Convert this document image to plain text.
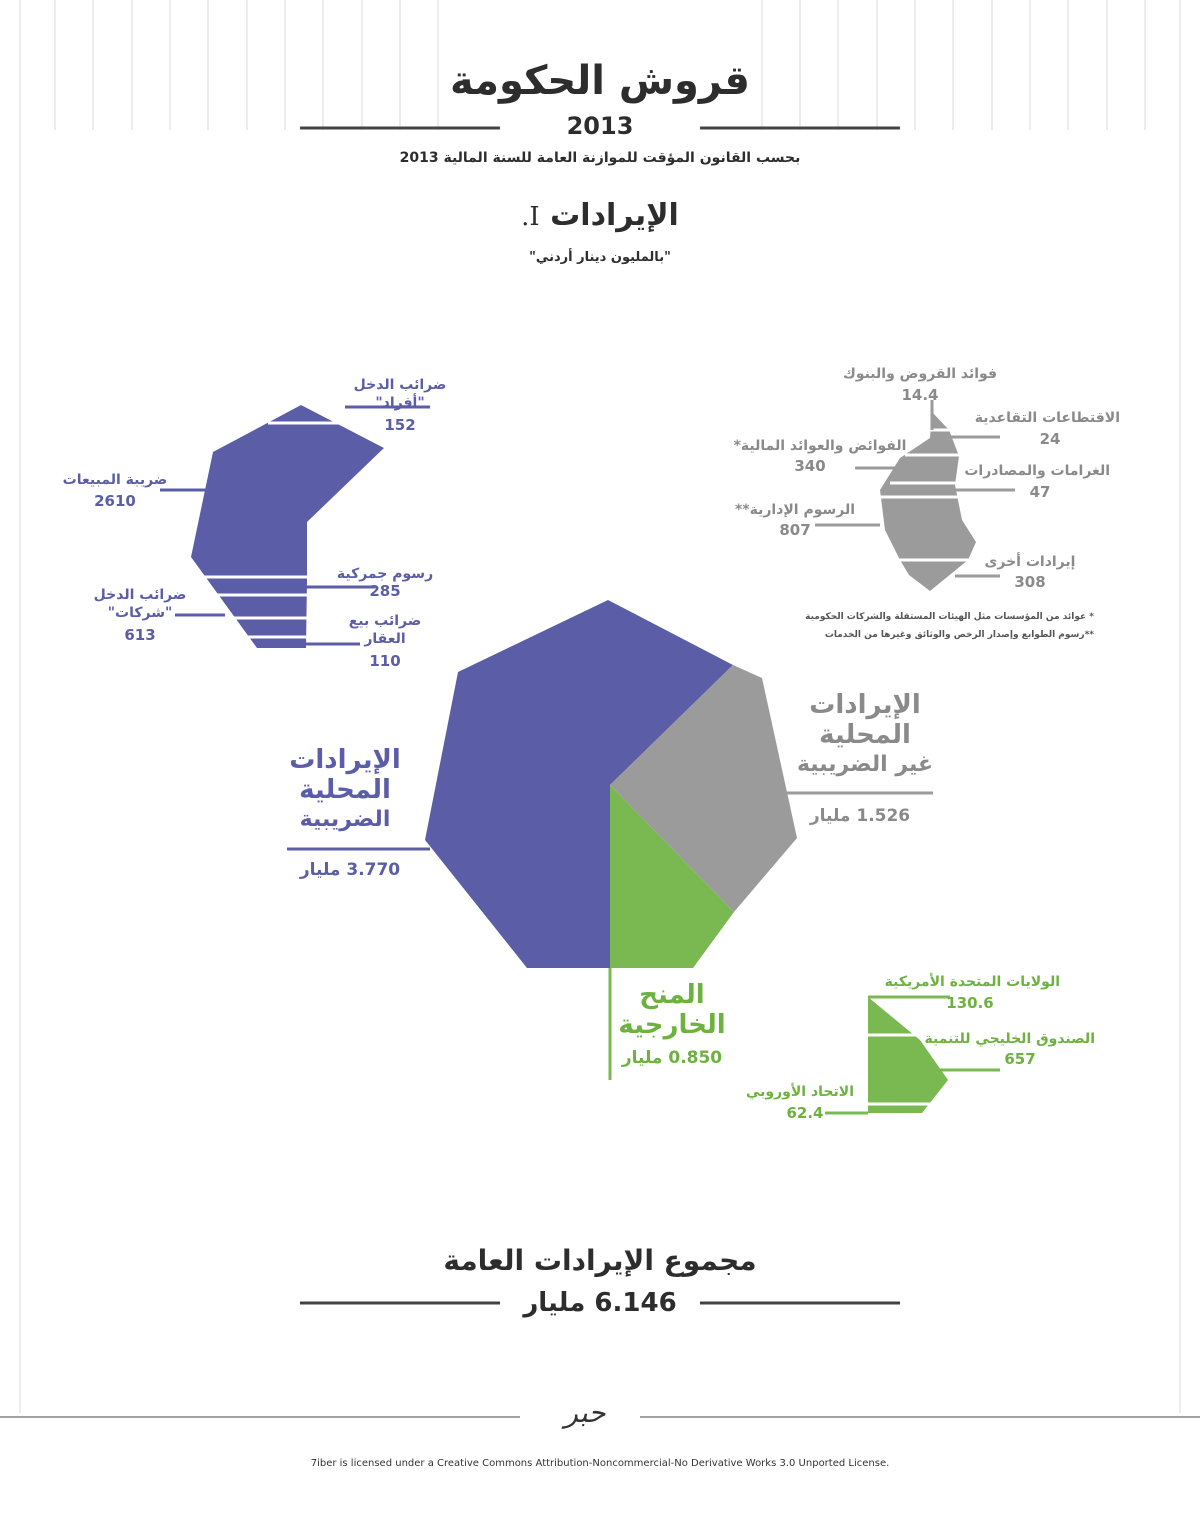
قروش الحكومة
2013
بحسب القانون المؤقت للموازنة العامة للسنة المالية 2013
الإيرادات I.
"بالمليون دينار أردني"
ضرائب الدخل
"أفراد"
152
ضريبة المبيعات
2610
رسوم جمركية
285
ضرائب الدخل
"شركات"
613
ضرائب بيع
العقار
110
فوائد القروض والبنوك
14.4
الاقتطاعات التقاعدية
24
الفوائض والعوائد المالية*
340	الغرامات والمصادرات
47
الرسوم الإدارية**
807
إيرادات أخرى
308
* عوائد من المؤسسات مثل الهيئات المستقلة والشركات الحكومية
**رسوم الطوابع وإصدار الرخص والوثائق وغيرها من الخدمات
الولايات المتحدة الأمريكية
130.6
الصندوق الخليجي للتنمية
657
الاتحاد الأوروبي
62.4
الإيرادات
المحلية
الضريبية
3.770 مليار
الإيرادات
المحلية
غير الضريبية
1.526 مليار
المنح
الخارجية
0.850 مليار
مجموع الإيرادات العامة
6.146 مليار
حبر
7iber is licensed under a Creative Commons Attribution-Noncommercial-No Derivative Works 3.0 Unported License.
